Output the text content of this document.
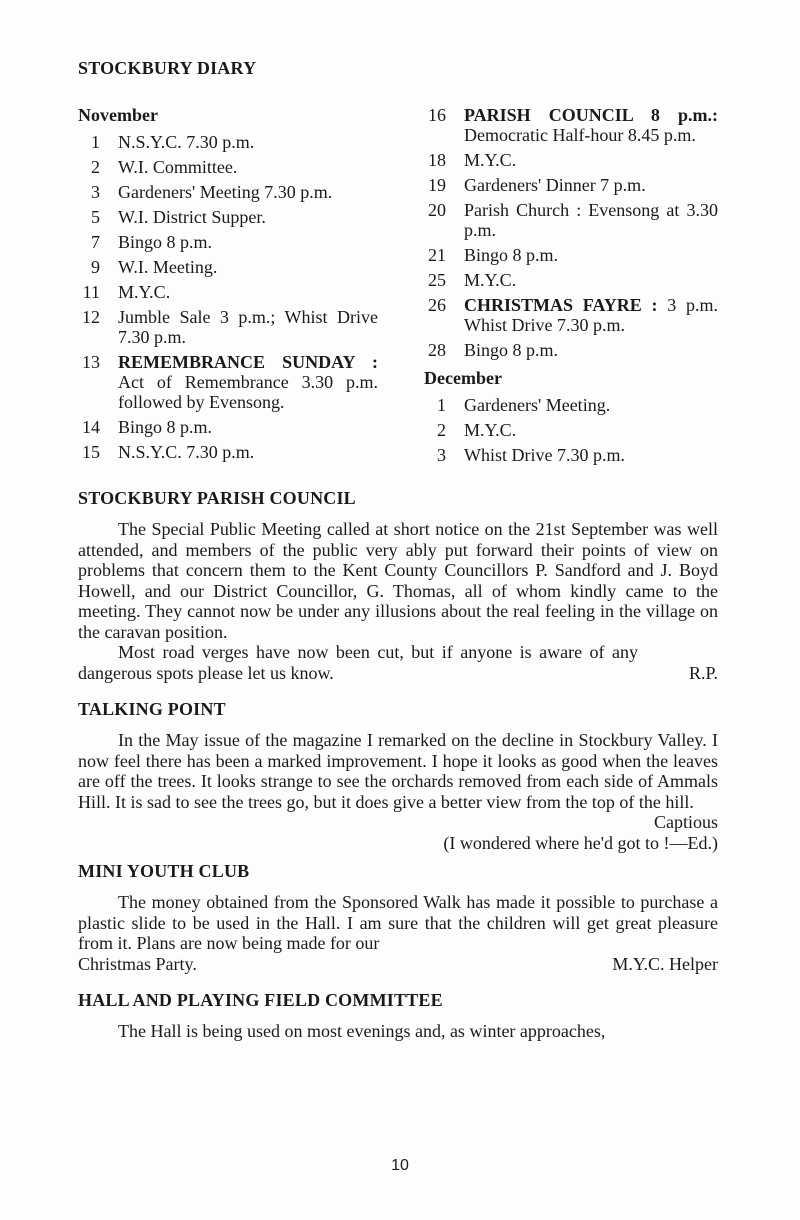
STOCKBURY DIARY
November
1 N.S.Y.C. 7.30 p.m.
2 W.I. Committee.
3 Gardeners' Meeting 7.30 p.m.
5 W.I. District Supper.
7 Bingo 8 p.m.
9 W.I. Meeting.
11 M.Y.C.
12 Jumble Sale 3 p.m.; Whist Drive 7.30 p.m.
13 REMEMBRANCE SUNDAY : Act of Remembrance 3.30 p.m. followed by Evensong.
14 Bingo 8 p.m.
15 N.S.Y.C. 7.30 p.m.
16 PARISH COUNCIL 8 p.m.: Democratic Half-hour 8.45 p.m.
18 M.Y.C.
19 Gardeners' Dinner 7 p.m.
20 Parish Church : Evensong at 3.30 p.m.
21 Bingo 8 p.m.
25 M.Y.C.
26 CHRISTMAS FAYRE : 3 p.m. Whist Drive 7.30 p.m.
28 Bingo 8 p.m.
December
1 Gardeners' Meeting.
2 M.Y.C.
3 Whist Drive 7.30 p.m.
STOCKBURY PARISH COUNCIL

The Special Public Meeting called at short notice on the 21st September was well attended, and members of the public very ably put forward their points of view on problems that concern them to the Kent County Councillors P. Sandford and J. Boyd Howell, and our District Councillor, G. Thomas, all of whom kindly came to the meeting. They cannot now be under any illusions about the real feeling in the village on the caravan position.

Most road verges have now been cut, but if anyone is aware of any dangerous spots please let us know.	R.P.
TALKING POINT

In the May issue of the magazine I remarked on the decline in Stockbury Valley. I now feel there has been a marked improvement. I hope it looks as good when the leaves are off the trees. It looks strange to see the orchards removed from each side of Ammals Hill. It is sad to see the trees go, but it does give a better view from the top of the hill.

Captious
(I wondered where he'd got to !—Ed.)
MINI YOUTH CLUB

The money obtained from the Sponsored Walk has made it possible to purchase a plastic slide to be used in the Hall. I am sure that the children will get great pleasure from it. Plans are now being made for our

Christmas Party.	M.Y.C. Helper
HALL AND PLAYING FIELD COMMITTEE

The Hall is being used on most evenings and, as winter approaches,

10
